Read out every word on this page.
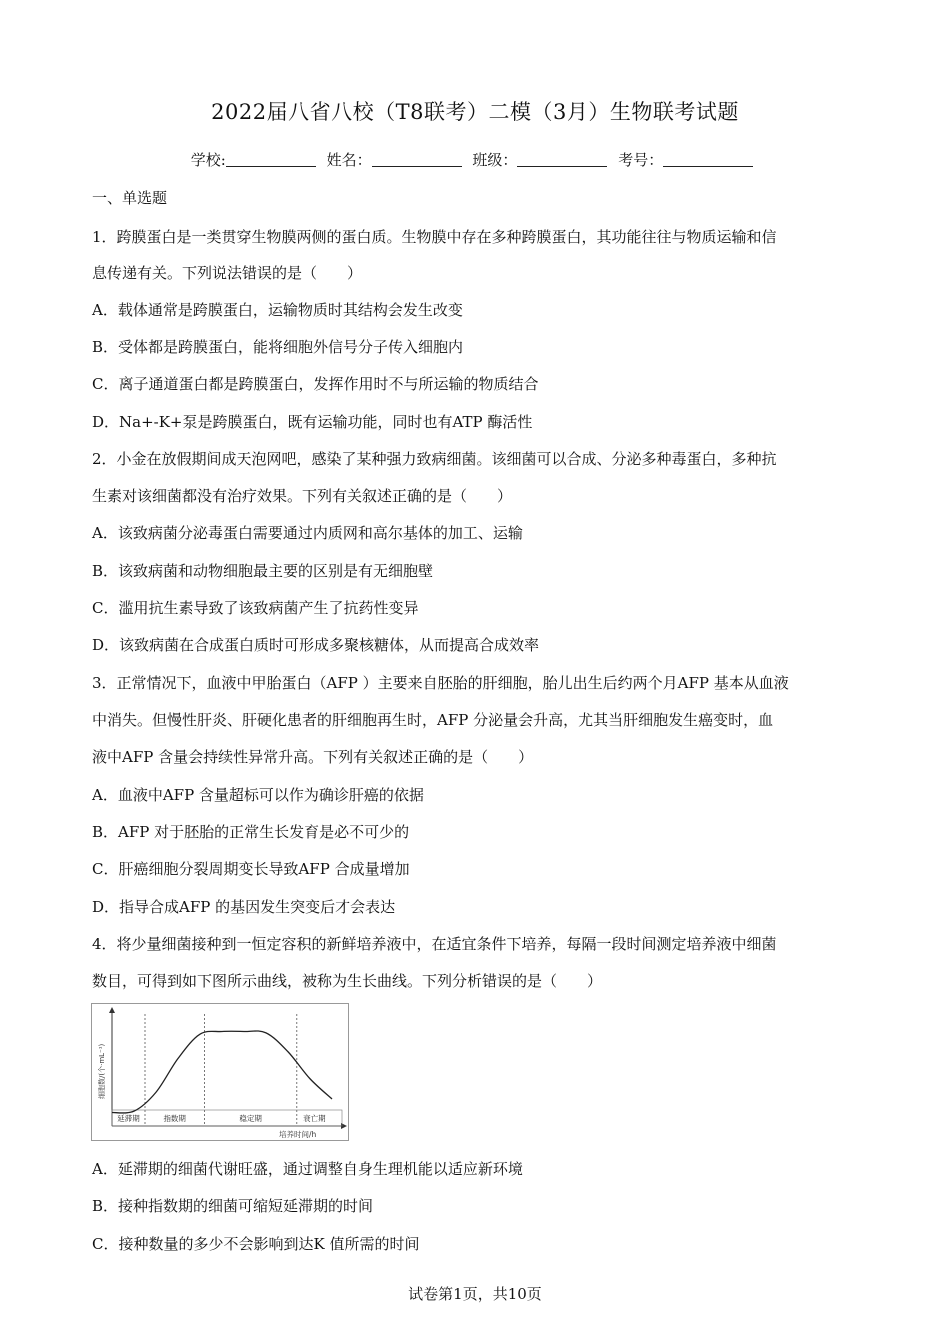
2022届八省八校（T8联考）二模（3月）生物联考试题
学校:	姓名：	班级：	考号：
一、单选题
1．跨膜蛋白是一类贯穿生物膜两侧的蛋白质。生物膜中存在多种跨膜蛋白，其功能往往与物质运输和信
息传递有关。下列说法错误的是（　　）
A．载体通常是跨膜蛋白，运输物质时其结构会发生改变
B．受体都是跨膜蛋白，能将细胞外信号分子传入细胞内
C．离子通道蛋白都是跨膜蛋白，发挥作用时不与所运输的物质结合
D．Na+-K+泵是跨膜蛋白，既有运输功能，同时也有ATP 酶活性
2．小金在放假期间成天泡网吧，感染了某种强力致病细菌。该细菌可以合成、分泌多种毒蛋白，多种抗
生素对该细菌都没有治疗效果。下列有关叙述正确的是（　　）
A．该致病菌分泌毒蛋白需要通过内质网和高尔基体的加工、运输
B．该致病菌和动物细胞最主要的区别是有无细胞壁
C．滥用抗生素导致了该致病菌产生了抗药性变异
D．该致病菌在合成蛋白质时可形成多聚核糖体，从而提高合成效率
3．正常情况下，血液中甲胎蛋白（AFP ）主要来自胚胎的肝细胞，胎儿出生后约两个月AFP 基本从血液
中消失。但慢性肝炎、肝硬化患者的肝细胞再生时，AFP 分泌量会升高，尤其当肝细胞发生癌变时，血
液中AFP 含量会持续性异常升高。下列有关叙述正确的是（　　）
A．血液中AFP 含量超标可以作为确诊肝癌的依据
B．AFP 对于胚胎的正常生长发育是必不可少的
C．肝癌细胞分裂周期变长导致AFP 合成量增加
D．指导合成AFP 的基因发生突变后才会表达
4．将少量细菌接种到一恒定容积的新鲜培养液中，在适宜条件下培养，每隔一段时间测定培养液中细菌
数目，可得到如下图所示曲线，被称为生长曲线。下列分析错误的是（　　）
细胞数/(个·mL⁻¹)
培养时间/h
延滞期	指数期	稳定期	衰亡期
A．延滞期的细菌代谢旺盛，通过调整自身生理机能以适应新环境
B．接种指数期的细菌可缩短延滞期的时间
C．接种数量的多少不会影响到达K 值所需的时间
试卷第1页，共10页
